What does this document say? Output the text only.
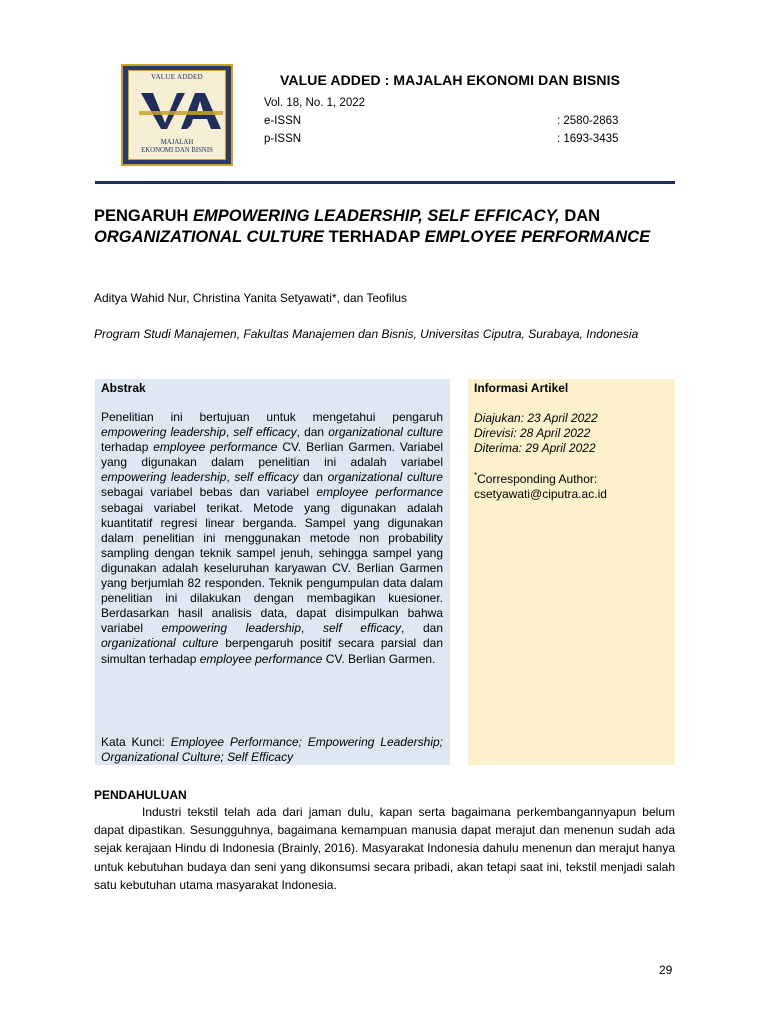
VALUE ADDED
MAJALAH
EKONOMI DAN BISNIS
VALUE ADDED : MAJALAH EKONOMI DAN BISNIS
Vol. 18, No. 1, 2022
e-ISSN	: 2580-2863
p-ISSN	: 1693-3435
PENGARUH EMPOWERING LEADERSHIP, SELF EFFICACY, DAN
ORGANIZATIONAL CULTURE TERHADAP EMPLOYEE PERFORMANCE
Aditya Wahid Nur, Christina Yanita Setyawati*, dan Teofilus
Program Studi Manajemen, Fakultas Manajemen dan Bisnis, Universitas Ciputra, Surabaya, Indonesia
Abstrak
Penelitian ini bertujuan untuk mengetahui pengaruh empowering leadership, self efficacy, dan organizational culture terhadap employee performance CV. Berlian Garmen. Variabel yang digunakan dalam penelitian ini adalah variabel empowering leadership, self efficacy dan organizational culture sebagai variabel bebas dan variabel employee performance sebagai variabel terikat. Metode yang digunakan adalah kuantitatif regresi linear berganda. Sampel yang digunakan dalam penelitian ini menggunakan metode non probability sampling dengan teknik sampel jenuh, sehingga sampel yang digunakan adalah keseluruhan karyawan CV. Berlian Garmen yang berjumlah 82 responden. Teknik pengumpulan data dalam penelitian ini dilakukan dengan membagikan kuesioner. Berdasarkan hasil analisis data, dapat disimpulkan bahwa variabel empowering leadership, self efficacy, dan organizational culture berpengaruh positif secara parsial dan simultan terhadap employee performance CV. Berlian Garmen.
Kata Kunci: Employee Performance; Empowering Leadership; Organizational Culture; Self Efficacy
Informasi Artikel
Diajukan: 23 April 2022
Direvisi: 28 April 2022
Diterima: 29 April 2022
*Corresponding Author:
csetyawati@ciputra.ac.id
PENDAHULUAN
Industri tekstil telah ada dari jaman dulu, kapan serta bagaimana perkembangannyapun belum dapat dipastikan. Sesungguhnya, bagaimana kemampuan manusia dapat merajut dan menenun sudah ada sejak kerajaan Hindu di Indonesia (Brainly, 2016). Masyarakat Indonesia dahulu menenun dan merajut hanya untuk kebutuhan budaya dan seni yang dikonsumsi secara pribadi, akan tetapi saat ini, tekstil menjadi salah satu kebutuhan utama masyarakat Indonesia.
29
